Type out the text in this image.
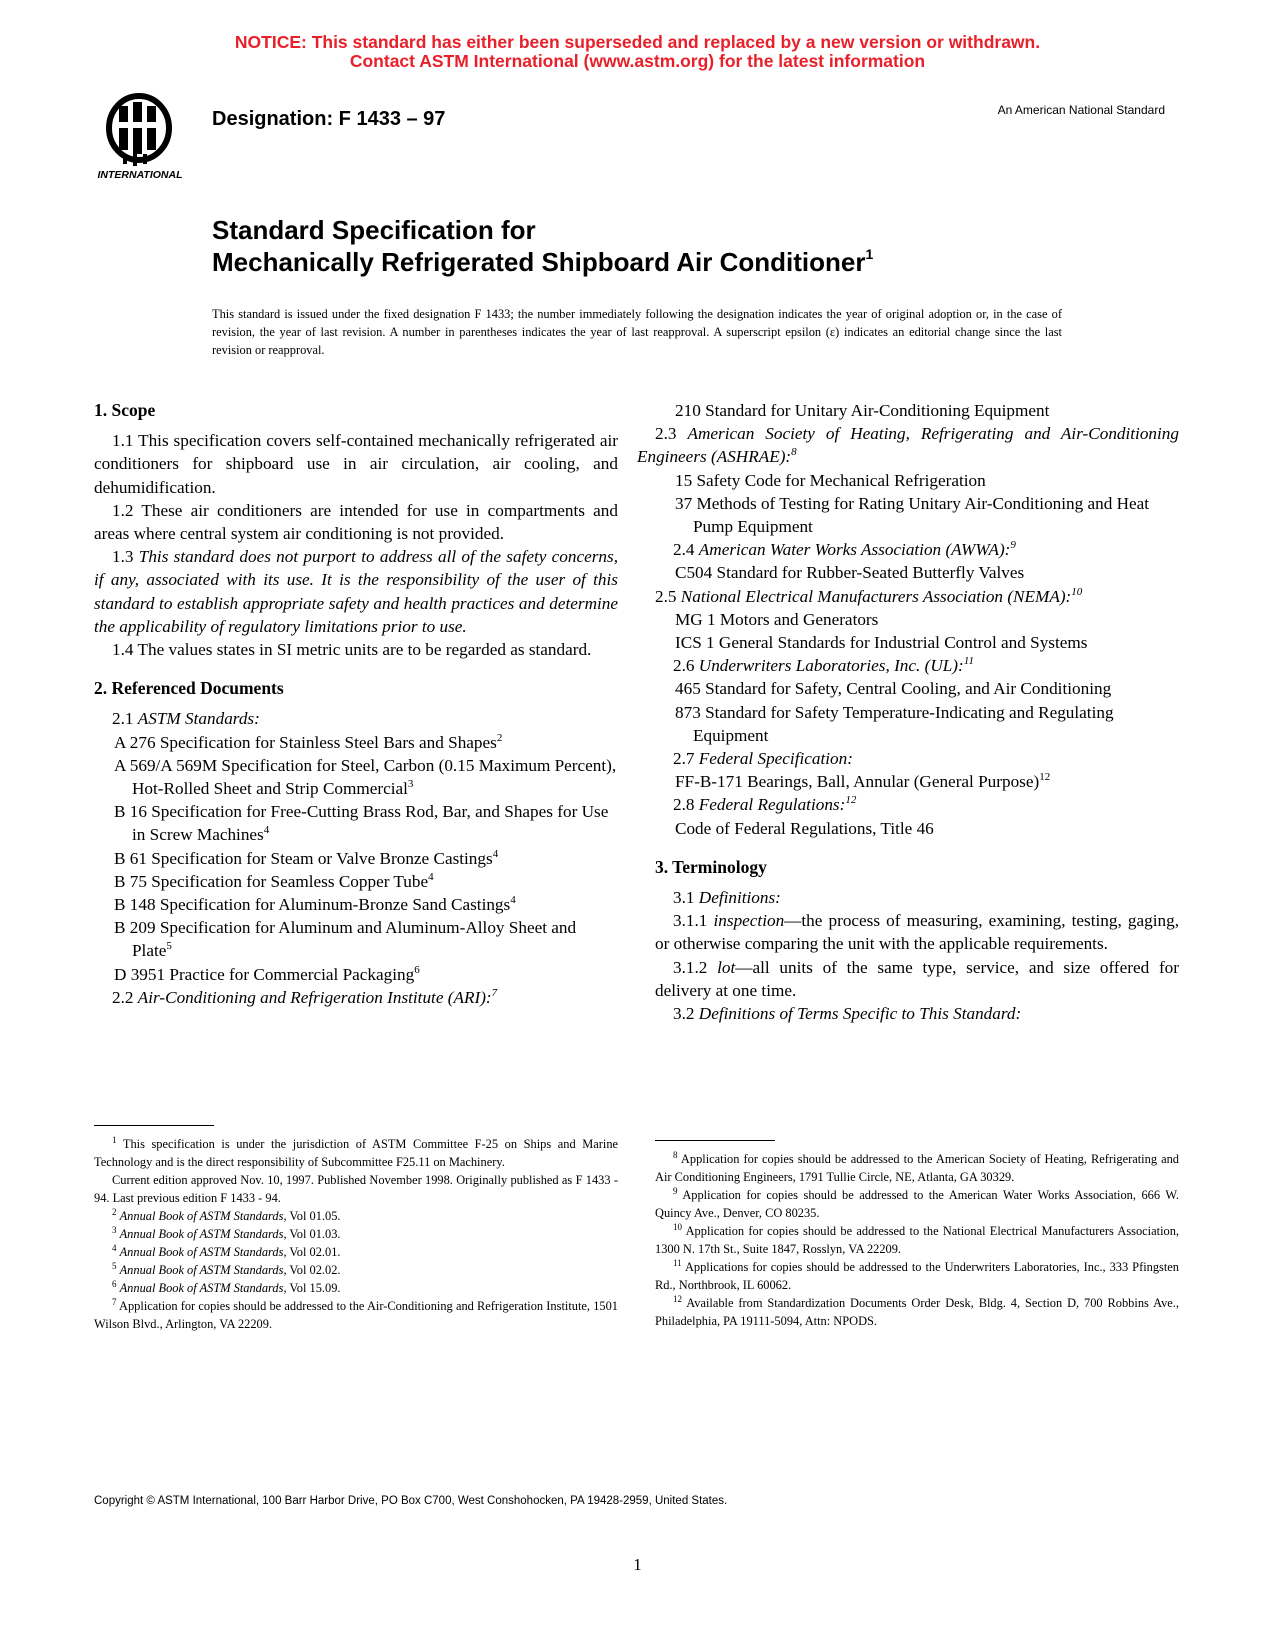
NOTICE: This standard has either been superseded and replaced by a new version or withdrawn.
Contact ASTM International (www.astm.org) for the latest information
INTERNATIONAL
Designation: F 1433 – 97	An American National Standard
Standard Specification for
Mechanically Refrigerated Shipboard Air Conditioner$^1$
This standard is issued under the fixed designation F 1433; the number immediately following the designation indicates the year of original adoption or, in the case of revision, the year of last revision. A number in parentheses indicates the year of last reapproval. A superscript epsilon (ε) indicates an editorial change since the last revision or reapproval.
1. Scope

1.1 This specification covers self-contained mechanically refrigerated air conditioners for shipboard use in air circulation, air cooling, and dehumidification.

1.2 These air conditioners are intended for use in compartments and areas where central system air conditioning is not provided.

1.3 This standard does not purport to address all of the safety concerns, if any, associated with its use. It is the responsibility of the user of this standard to establish appropriate safety and health practices and determine the applicability of regulatory limitations prior to use.

1.4 The values states in SI metric units are to be regarded as standard.

2. Referenced Documents

2.1 ASTM Standards:

A 276 Specification for Stainless Steel Bars and Shapes$^2$

A 569/A 569M Specification for Steel, Carbon (0.15 Maximum Percent), Hot-Rolled Sheet and Strip Commercial$^3$

B 16 Specification for Free-Cutting Brass Rod, Bar, and Shapes for Use in Screw Machines$^4$

B 61 Specification for Steam or Valve Bronze Castings$^4$

B 75 Specification for Seamless Copper Tube$^4$

B 148 Specification for Aluminum-Bronze Sand Castings$^4$

B 209 Specification for Aluminum and Aluminum-Alloy Sheet and Plate$^5$

D 3951 Practice for Commercial Packaging$^6$

2.2 Air-Conditioning and Refrigeration Institute (ARI):$^7$

210 Standard for Unitary Air-Conditioning Equipment

2.3 American Society of Heating, Refrigerating and Air-Conditioning Engineers (ASHRAE):$^8$

15 Safety Code for Mechanical Refrigeration

37 Methods of Testing for Rating Unitary Air-Conditioning and Heat Pump Equipment

2.4 American Water Works Association (AWWA):$^9$

C504 Standard for Rubber-Seated Butterfly Valves

2.5 National Electrical Manufacturers Association (NEMA):$^{10}$

MG 1 Motors and Generators

ICS 1 General Standards for Industrial Control and Systems

2.6 Underwriters Laboratories, Inc. (UL):$^{11}$

465 Standard for Safety, Central Cooling, and Air Conditioning

873 Standard for Safety Temperature-Indicating and Regulating Equipment

2.7 Federal Specification:

FF-B-171 Bearings, Ball, Annular (General Purpose)$^{12}$

2.8 Federal Regulations:$^{12}$

Code of Federal Regulations, Title 46

3. Terminology

3.1 Definitions:

3.1.1 inspection—the process of measuring, examining, testing, gaging, or otherwise comparing the unit with the applicable requirements.

3.1.2 lot—all units of the same type, service, and size offered for delivery at one time.

3.2 Definitions of Terms Specific to This Standard:

$^1$ This specification is under the jurisdiction of ASTM Committee F-25 on Ships and Marine Technology and is the direct responsibility of Subcommittee F25.11 on Machinery.

Current edition approved Nov. 10, 1997. Published November 1998. Originally published as F 1433 - 94. Last previous edition F 1433 - 94.

$^2$ Annual Book of ASTM Standards, Vol 01.05.

$^3$ Annual Book of ASTM Standards, Vol 01.03.

$^4$ Annual Book of ASTM Standards, Vol 02.01.

$^5$ Annual Book of ASTM Standards, Vol 02.02.

$^6$ Annual Book of ASTM Standards, Vol 15.09.

$^7$ Application for copies should be addressed to the Air-Conditioning and Refrigeration Institute, 1501 Wilson Blvd., Arlington, VA 22209.

$^8$ Application for copies should be addressed to the American Society of Heating, Refrigerating and Air Conditioning Engineers, 1791 Tullie Circle, NE, Atlanta, GA 30329.

$^9$ Application for copies should be addressed to the American Water Works Association, 666 W. Quincy Ave., Denver, CO 80235.

$^{10}$ Application for copies should be addressed to the National Electrical Manufacturers Association, 1300 N. 17th St., Suite 1847, Rosslyn, VA 22209.

$^{11}$ Applications for copies should be addressed to the Underwriters Laboratories, Inc., 333 Pfingsten Rd., Northbrook, IL 60062.

$^{12}$ Available from Standardization Documents Order Desk, Bldg. 4, Section D, 700 Robbins Ave., Philadelphia, PA 19111-5094, Attn: NPODS.

Copyright © ASTM International, 100 Barr Harbor Drive, PO Box C700, West Conshohocken, PA 19428-2959, United States.
1
